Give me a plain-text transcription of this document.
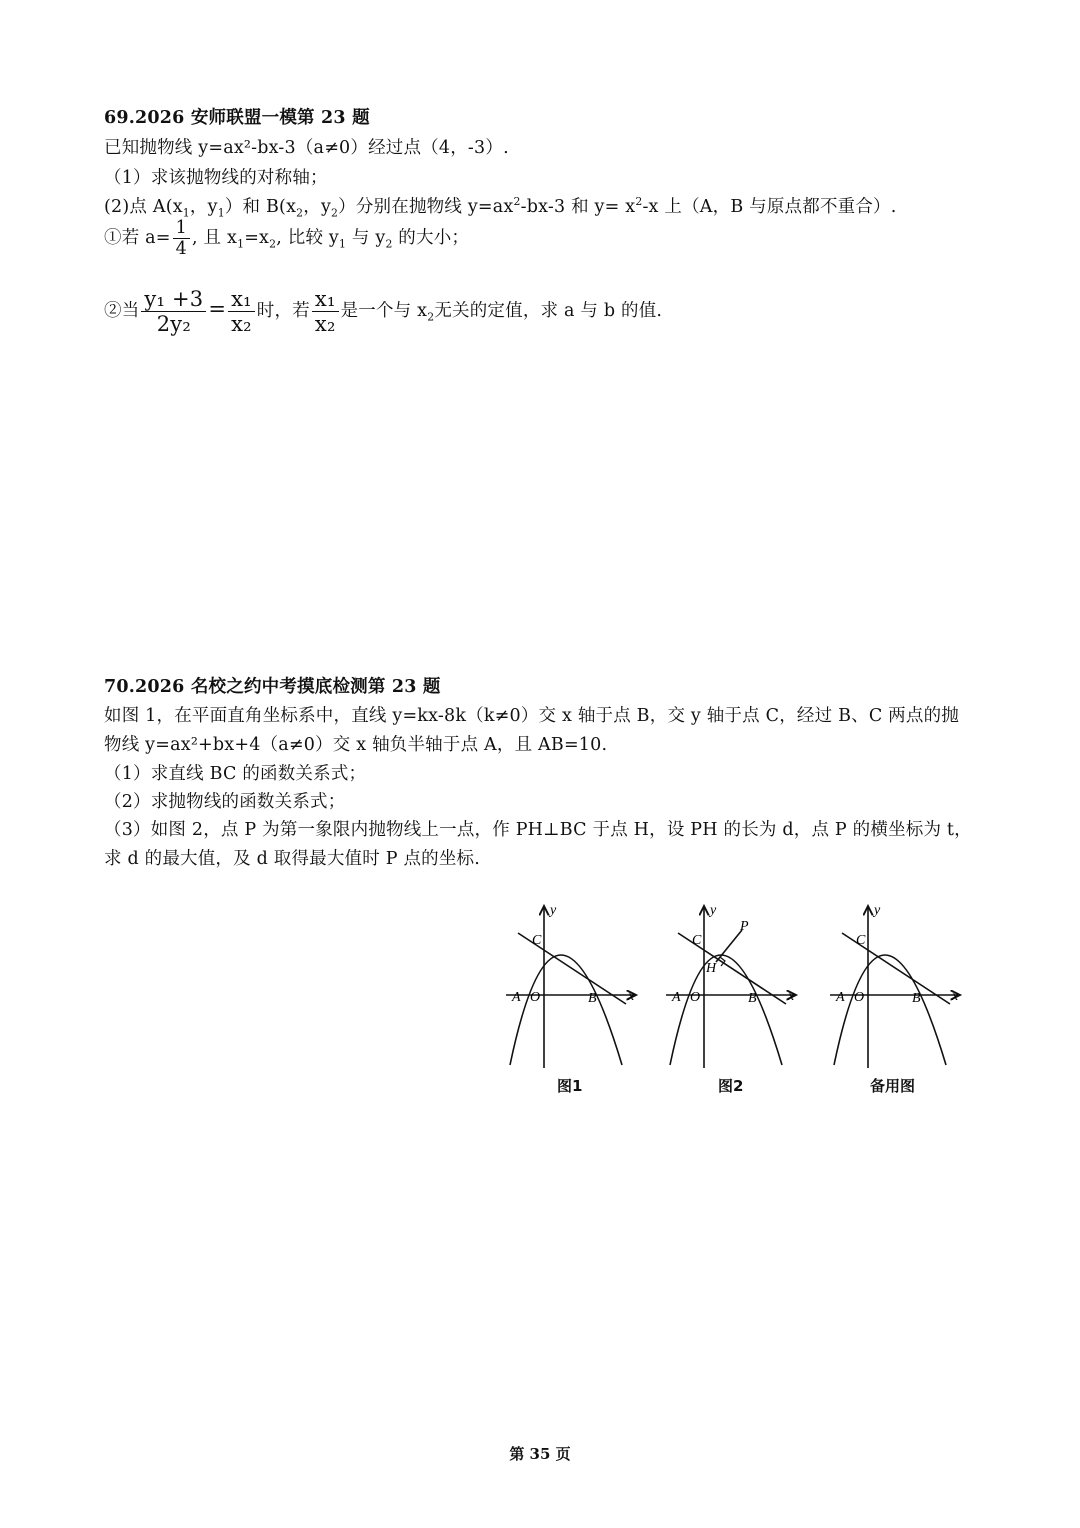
69.2026 安师联盟一模第 23 题
已知抛物线 y=ax²-bx-3（a≠0）经过点（4，-3）.
（1）求该抛物线的对称轴；
(2)点 $A(x_1$，$y_1$）和 $B(x_2$，$y_2$）分别在抛物线 $y=ax^2-bx-3$ 和 $y= x^2-x$ 上（A，B 与原点都不重合）.
①若 $a= \frac{1}{4}$ , 且 $x_1=x_2$, 比较 $y_1$ 与 $y_2$ 的大小；
②当 $\frac{\text{y₁ +3}}{\text{2y₂}} = \frac{\text{x₁}}{\text{x₂}}$ 时，若 $\frac{\text{x₁}}{\text{x₂}}$ 是一个与 $x_2$无关的定值，求 a 与 b 的值.
70.2026 名校之约中考摸底检测第 23 题
如图 1，在平面直角坐标系中，直线 y=kx-8k（k≠0）交 x 轴于点 B，交 y 轴于点 C，经过 B、C 两点的抛
物线 y=ax²+bx+4（a≠0）交 x 轴负半轴于点 A，且 AB=10.
（1）求直线 BC 的函数关系式；
（2）求抛物线的函数关系式；
（3）如图 2，点 P 为第一象限内抛物线上一点，作 PH⊥BC 于点 H，设 PH 的长为 d，点 P 的横坐标为 t，
求 d 的最大值，及 d 取得最大值时 P 点的坐标.
y
x
C
A O	B
图1
y
x
C
P
H
A O	B
图2
y
x
C
A O	B
备用图
第 35 页
